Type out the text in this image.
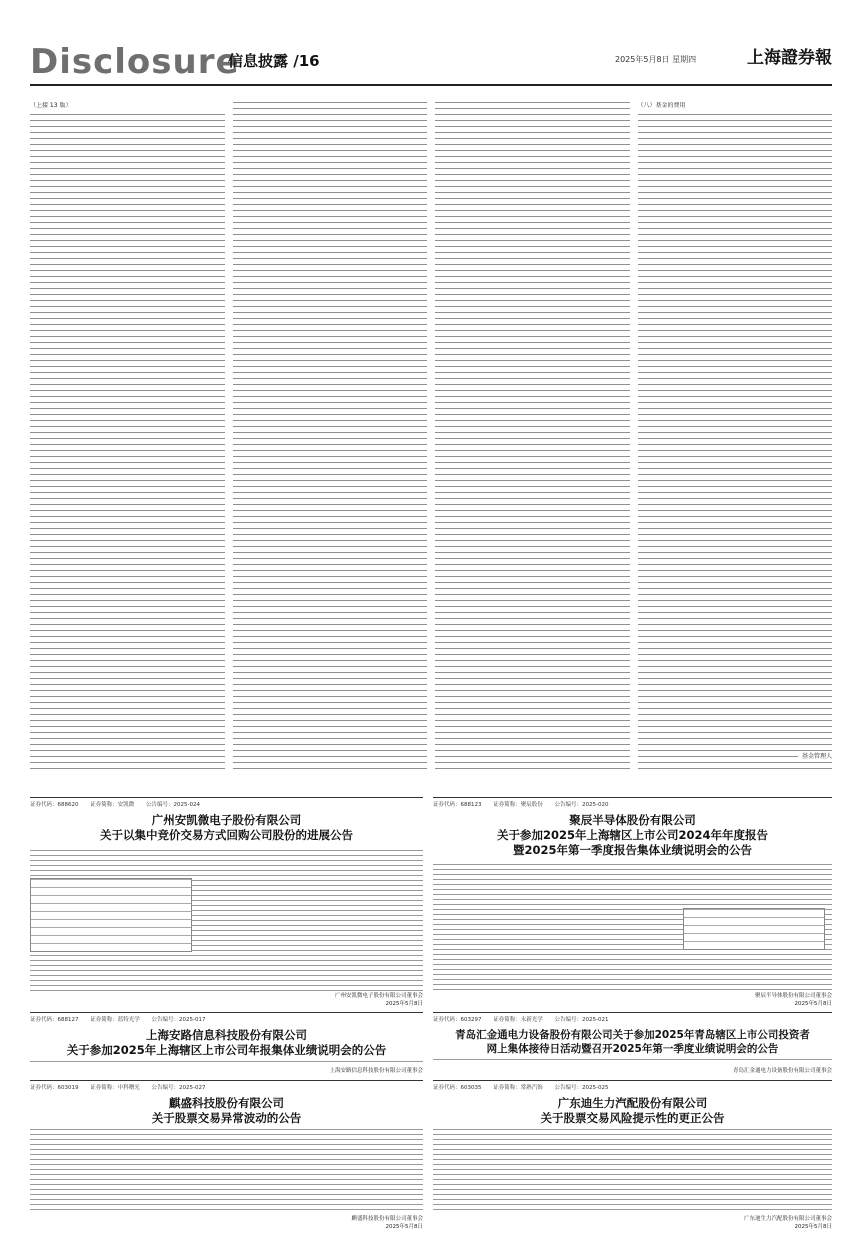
Disclosure
信息披露 /16	2025年5月8日 星期四	上海證券報
（上接 13 版）	（八）基金的费用
基金管理人
证券代码：688620 证券简称：安凯微 公告编号：2025-024
广州安凯微电子股份有限公司
关于以集中竞价交易方式回购公司股份的进展公告
广州安凯微电子股份有限公司董事会
2025年5月8日
证券代码：688123 证券简称：聚辰股份 公告编号：2025-020
聚辰半导体股份有限公司
关于参加2025年上海辖区上市公司2024年年度报告
暨2025年第一季度报告集体业绩说明会的公告
聚辰半导体股份有限公司董事会
2025年5月8日
证券代码：688127 证券简称：蓝特光学 公告编号：2025-017
上海安路信息科技股份有限公司
关于参加2025年上海辖区上市公司年报集体业绩说明会的公告
上海安路信息科技股份有限公司董事会
证券代码：603297 证券简称：永新光学 公告编号：2025-021
青岛汇金通电力设备股份有限公司关于参加2025年青岛辖区上市公司投资者
网上集体接待日活动暨召开2025年第一季度业绩说明会的公告
青岛汇金通电力设备股份有限公司董事会
证券代码：603019 证券简称：中科曙光 公告编号：2025-027
麒盛科技股份有限公司
关于股票交易异常波动的公告
麒盛科技股份有限公司董事会
2025年5月8日
证券代码：603035 证券简称：常熟汽饰 公告编号：2025-025
广东迪生力汽配股份有限公司
关于股票交易风险提示性的更正公告
广东迪生力汽配股份有限公司董事会
2025年5月8日
